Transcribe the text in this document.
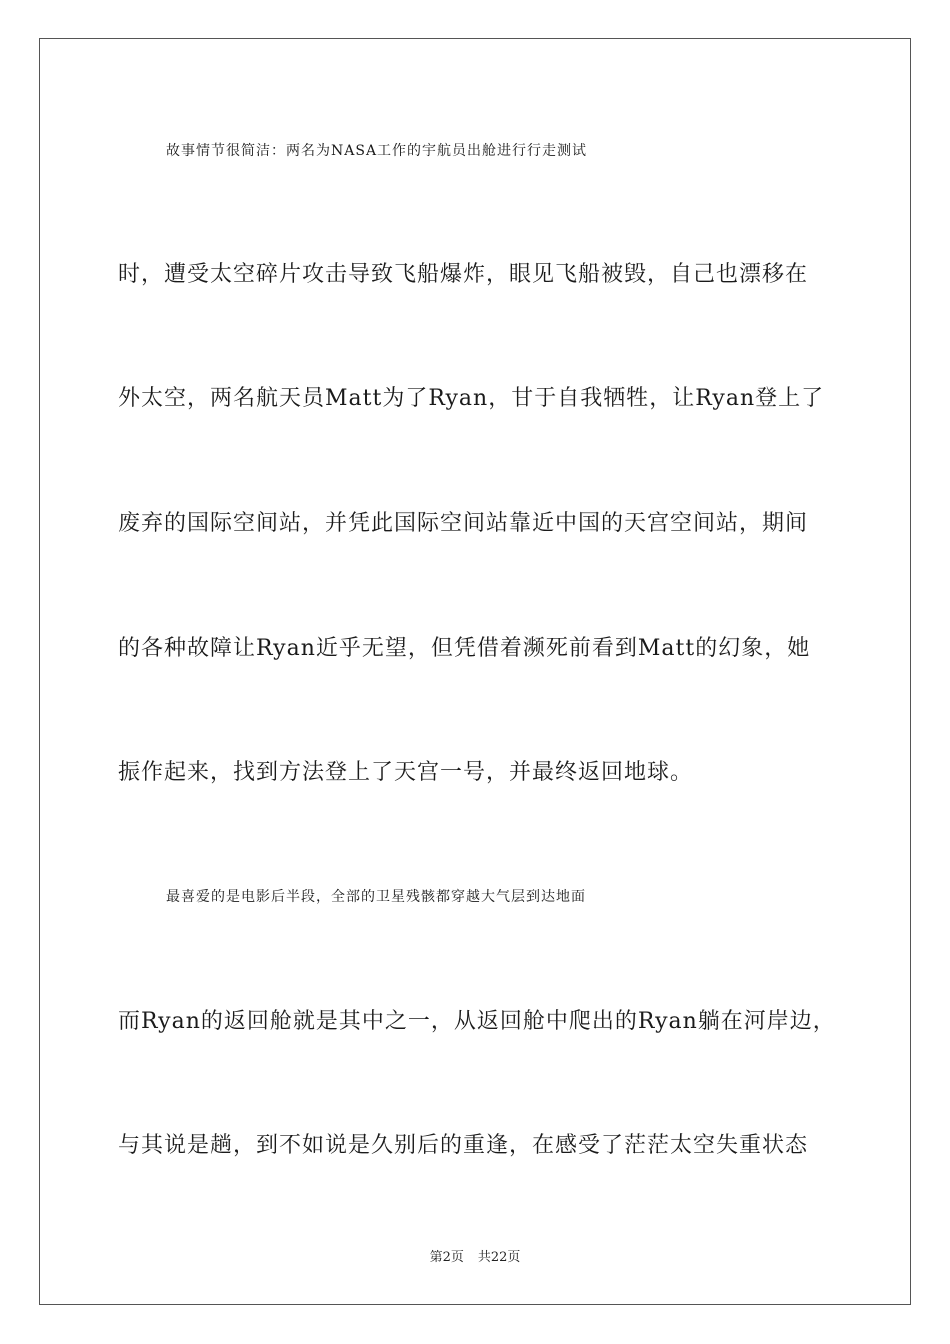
故事情节很简洁：两名为NASA工作的宇航员出舱进行行走测试
时，遭受太空碎片攻击导致飞船爆炸，眼见飞船被毁，自己也漂移在
外太空，两名航天员Matt为了Ryan，甘于自我牺牲，让Ryan登上了
废弃的国际空间站，并凭此国际空间站靠近中国的天宫空间站，期间
的各种故障让Ryan近乎无望，但凭借着濒死前看到Matt的幻象，她
振作起来，找到方法登上了天宫一号，并最终返回地球。
最喜爱的是电影后半段，全部的卫星残骸都穿越大气层到达地面
而Ryan的返回舱就是其中之一，从返回舱中爬出的Ryan躺在河岸边，
与其说是趟，到不如说是久别后的重逢，在感受了茫茫太空失重状态
第2页 共22页
